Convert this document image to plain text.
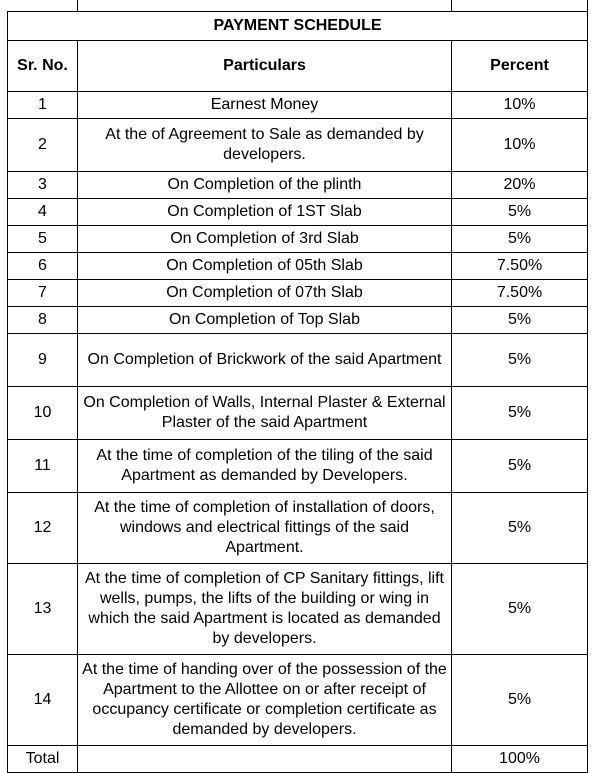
PAYMENT SCHEDULE		
Sr. No.	Particulars	Percent
1	Earnest Money	10%
2	At the of Agreement to Sale as demanded by developers.	10%
3	On Completion of the plinth	20%
4	On Completion of 1ST Slab	5%
5	On Completion of 3rd Slab	5%
6	On Completion of 05th Slab	7.50%
7	On Completion of 07th Slab	7.50%
8	On Completion of Top Slab	5%
9	On Completion of Brickwork of the said Apartment	5%
10	On Completion of Walls, Internal Plaster & External Plaster of the said Apartment	5%
11	At the time of completion of the tiling of the said Apartment as demanded by Developers.	5%
12	At the time of completion of installation of doors, windows and electrical fittings of the said Apartment.	5%
13	At the time of completion of CP Sanitary fittings, lift wells, pumps, the lifts of the building or wing in which the said Apartment is located as demanded by developers.	5%
14	At the time of handing over of the possession of the Apartment to the Allottee on or after receipt of occupancy certificate or completion certificate as demanded by developers.	5%
Total		100%
